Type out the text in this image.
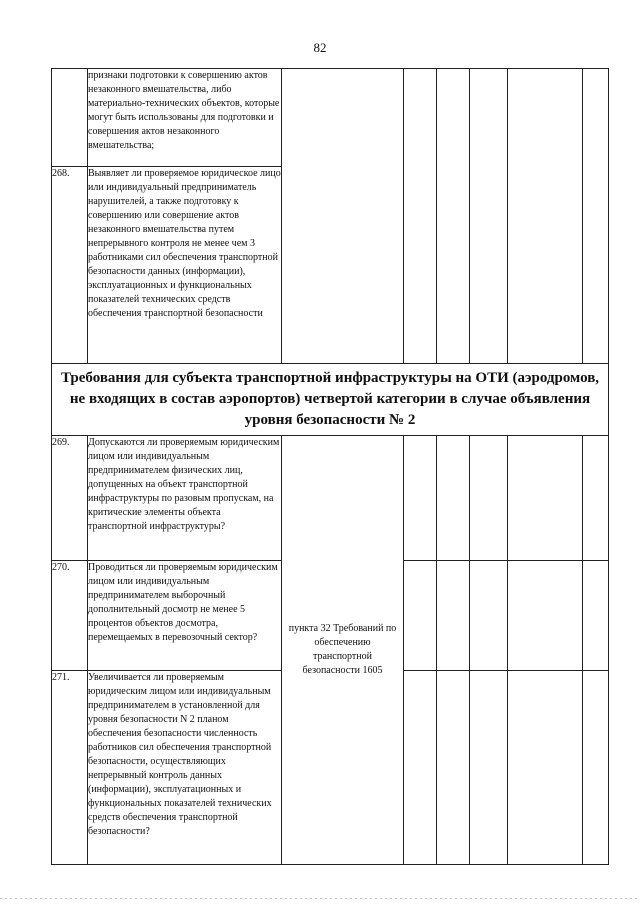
82
	признаки подготовки к совершению актов незаконного вмешательства, либо материально-технических объектов, которые могут быть использованы для подготовки и совершения актов незаконного вмешательства;						
268.	Выявляет ли проверяемое юридическое лицо или индивидуальный предприниматель нарушителей, а также подготовку к совершению или совершение актов незаконного вмешательства путем непрерывного контроля не менее чем 3 работниками сил обеспечения транспортной безопасности данных (информации), эксплуатационных и функциональных показателей технических средств обеспечения транспортной безопасности						
Требования для субъекта транспортной инфраструктуры на ОТИ (аэродромов, не входящих в состав аэропортов) четвертой категории в случае объявления уровня безопасности № 2							
269.	Допускаются ли проверяемым юридическим лицом или индивидуальным предпринимателем физических лиц, допущенных на объект транспортной инфраструктуры по разовым пропускам, на критические элементы объекта транспортной инфраструктуры?	пункта 32 Требований по обеспечению транспортной безопасности 1605					
270.	Проводиться ли проверяемым юридическим лицом или индивидуальным предпринимателем выборочный дополнительный досмотр не менее 5 процентов объектов досмотра, перемещаемых в перевозочный сектор?						
271.	Увеличивается ли проверяемым юридическим лицом или индивидуальным предпринимателем в установленной для уровня безопасности N 2 планом обеспечения безопасности численность работников сил обеспечения транспортной безопасности, осуществляющих непрерывный контроль данных (информации), эксплуатационных и функциональных показателей технических средств обеспечения транспортной безопасности?						
